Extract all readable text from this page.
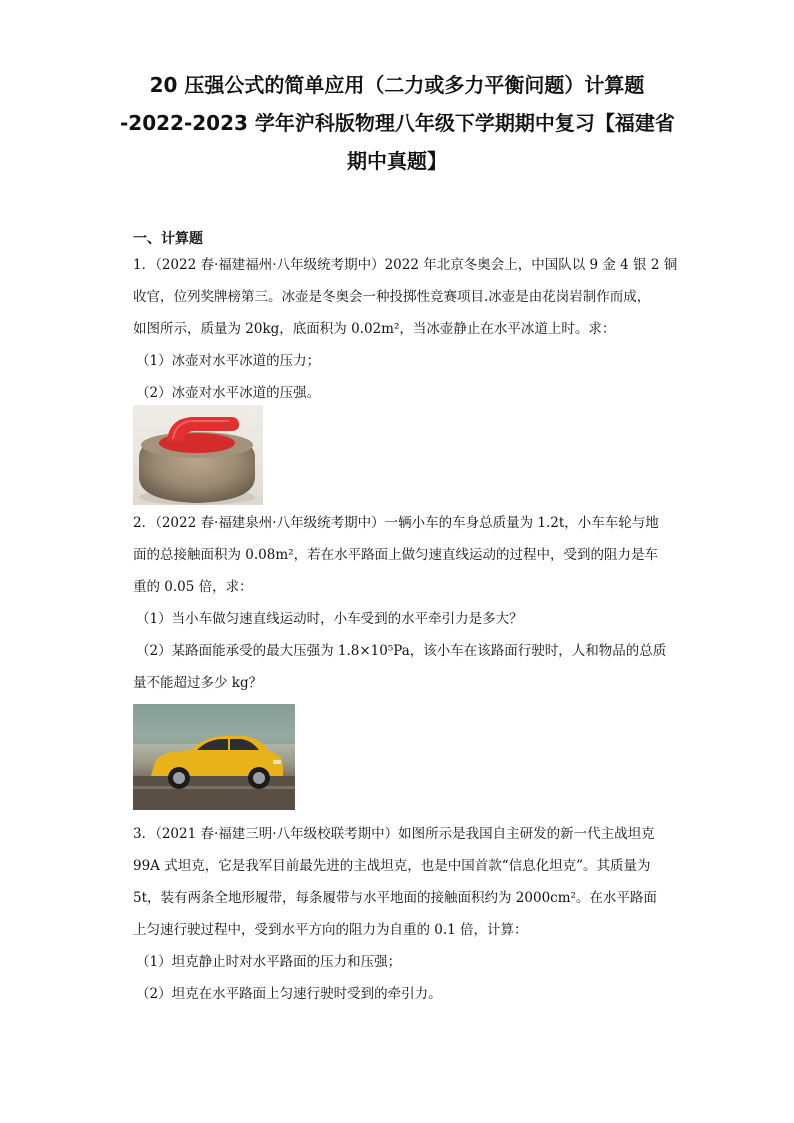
20 压强公式的简单应用（二力或多力平衡问题）计算题
-2022-2023 学年沪科版物理八年级下学期期中复习【福建省
期中真题】
一、计算题

1．（2022 春·福建福州·八年级统考期中）2022 年北京冬奥会上，中国队以 9 金 4 银 2 铜

收官，位列奖牌榜第三。冰壶是冬奥会一种投掷性竞赛项目.冰壶是由花岗岩制作而成，

如图所示，质量为 20kg，底面积为 0.02m²，当冰壶静止在水平冰道上时。求：

（1）冰壶对水平冰道的压力；

（2）冰壶对水平冰道的压强。

2．（2022 春·福建泉州·八年级统考期中）一辆小车的车身总质量为 1.2t，小车车轮与地

面的总接触面积为 0.08m²，若在水平路面上做匀速直线运动的过程中，受到的阻力是车

重的 0.05 倍，求：

（1）当小车做匀速直线运动时，小车受到的水平牵引力是多大？

（2）某路面能承受的最大压强为 1.8×10⁵Pa，该小车在该路面行驶时，人和物品的总质

量不能超过多少 kg？

3．（2021 春·福建三明·八年级校联考期中）如图所示是我国自主研发的新一代主战坦克

99A 式坦克，它是我军目前最先进的主战坦克，也是中国首款“信息化坦克”。其质量为

5t，装有两条全地形履带，每条履带与水平地面的接触面积约为 2000cm²。在水平路面

上匀速行驶过程中，受到水平方向的阻力为自重的 0.1 倍，计算：

（1）坦克静止时对水平路面的压力和压强；

（2）坦克在水平路面上匀速行驶时受到的牵引力。
